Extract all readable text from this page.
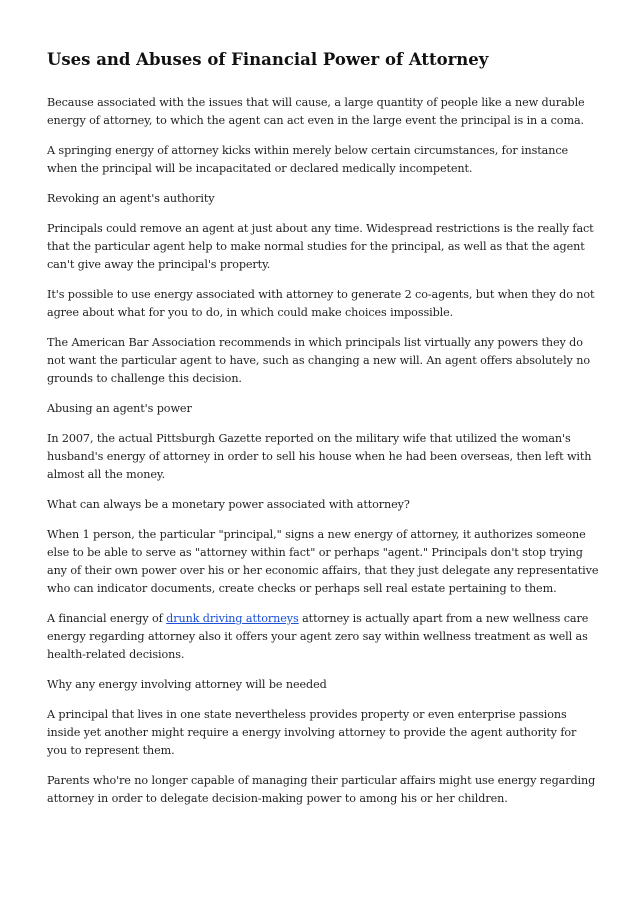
Uses and Abuses of Financial Power of Attorney

Because associated with the issues that will cause, a large quantity of people like a new durable energy of attorney, to which the agent can act even in the large event the principal is in a coma.

A springing energy of attorney kicks within merely below certain circumstances, for instance when the principal will be incapacitated or declared medically incompetent.

Revoking an agent's authority

Principals could remove an agent at just about any time. Widespread restrictions is the really fact that the particular agent help to make normal studies for the principal, as well as that the agent can't give away the principal's property.

It's possible to use energy associated with attorney to generate 2 co-agents, but when they do not agree about what for you to do, in which could make choices impossible.

The American Bar Association recommends in which principals list virtually any powers they do not want the particular agent to have, such as changing a new will. An agent offers absolutely no grounds to challenge this decision.

Abusing an agent's power

In 2007, the actual Pittsburgh Gazette reported on the military wife that utilized the woman's husband's energy of attorney in order to sell his house when he had been overseas, then left with almost all the money.

What can always be a monetary power associated with attorney?

When 1 person, the particular "principal," signs a new energy of attorney, it authorizes someone else to be able to serve as "attorney within fact" or perhaps "agent." Principals don't stop trying any of their own power over his or her economic affairs, that they just delegate any representative who can indicator documents, create checks or perhaps sell real estate pertaining to them.

A financial energy of drunk driving attorneys attorney is actually apart from a new wellness care energy regarding attorney also it offers your agent zero say within wellness treatment as well as health-related decisions.

Why any energy involving attorney will be needed

A principal that lives in one state nevertheless provides property or even enterprise passions inside yet another might require a energy involving attorney to provide the agent authority for you to represent them.

Parents who're no longer capable of managing their particular affairs might use energy regarding attorney in order to delegate decision-making power to among his or her children.
